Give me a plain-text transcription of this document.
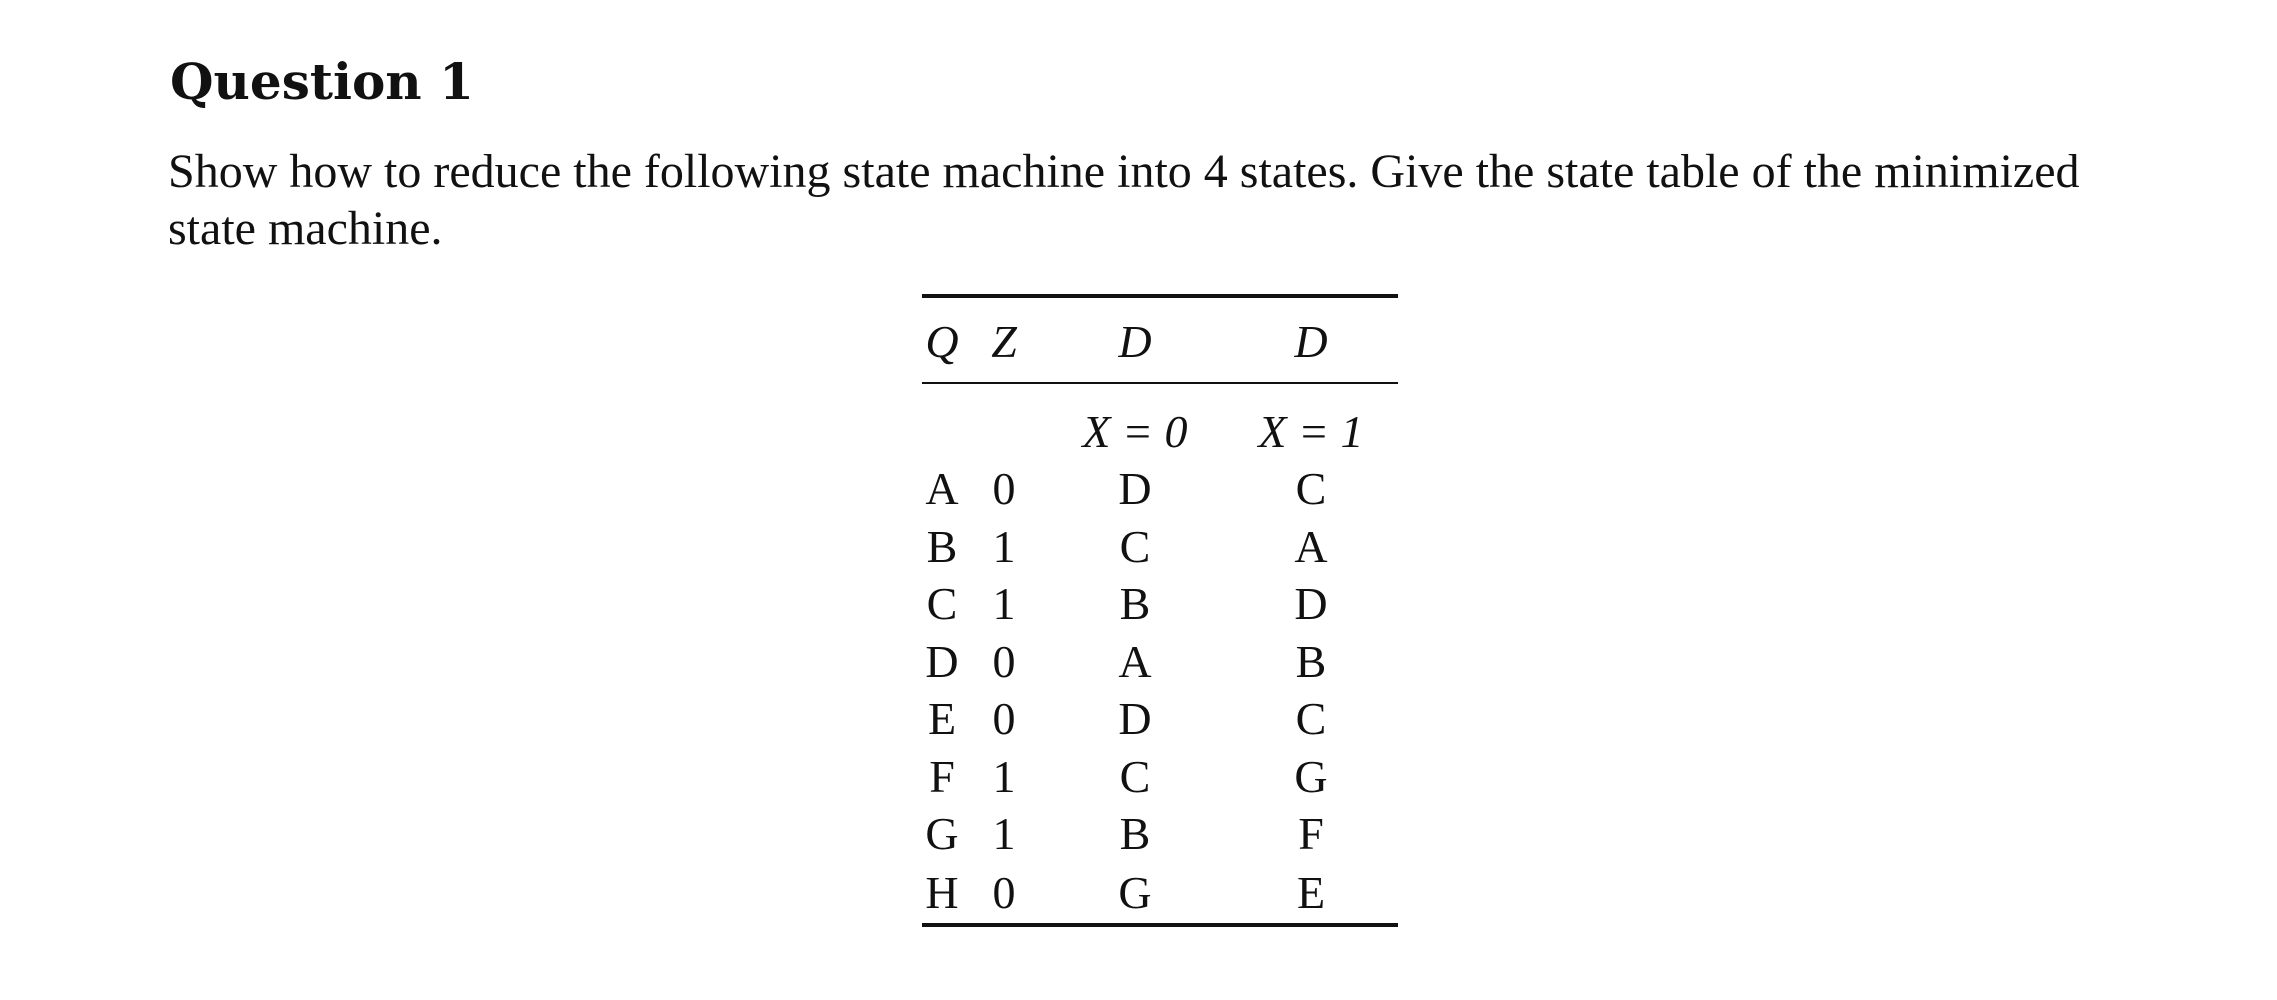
Question 1

Show how to reduce the following state machine into 4 states. Give the state table of the minimized state machine.

Q	Z	D	D
		X = 0	X = 1
A	0	D	C
B	1	C	A
C	1	B	D
D	0	A	B
E	0	D	C
F	1	C	G
G	1	B	F
H	0	G	E
